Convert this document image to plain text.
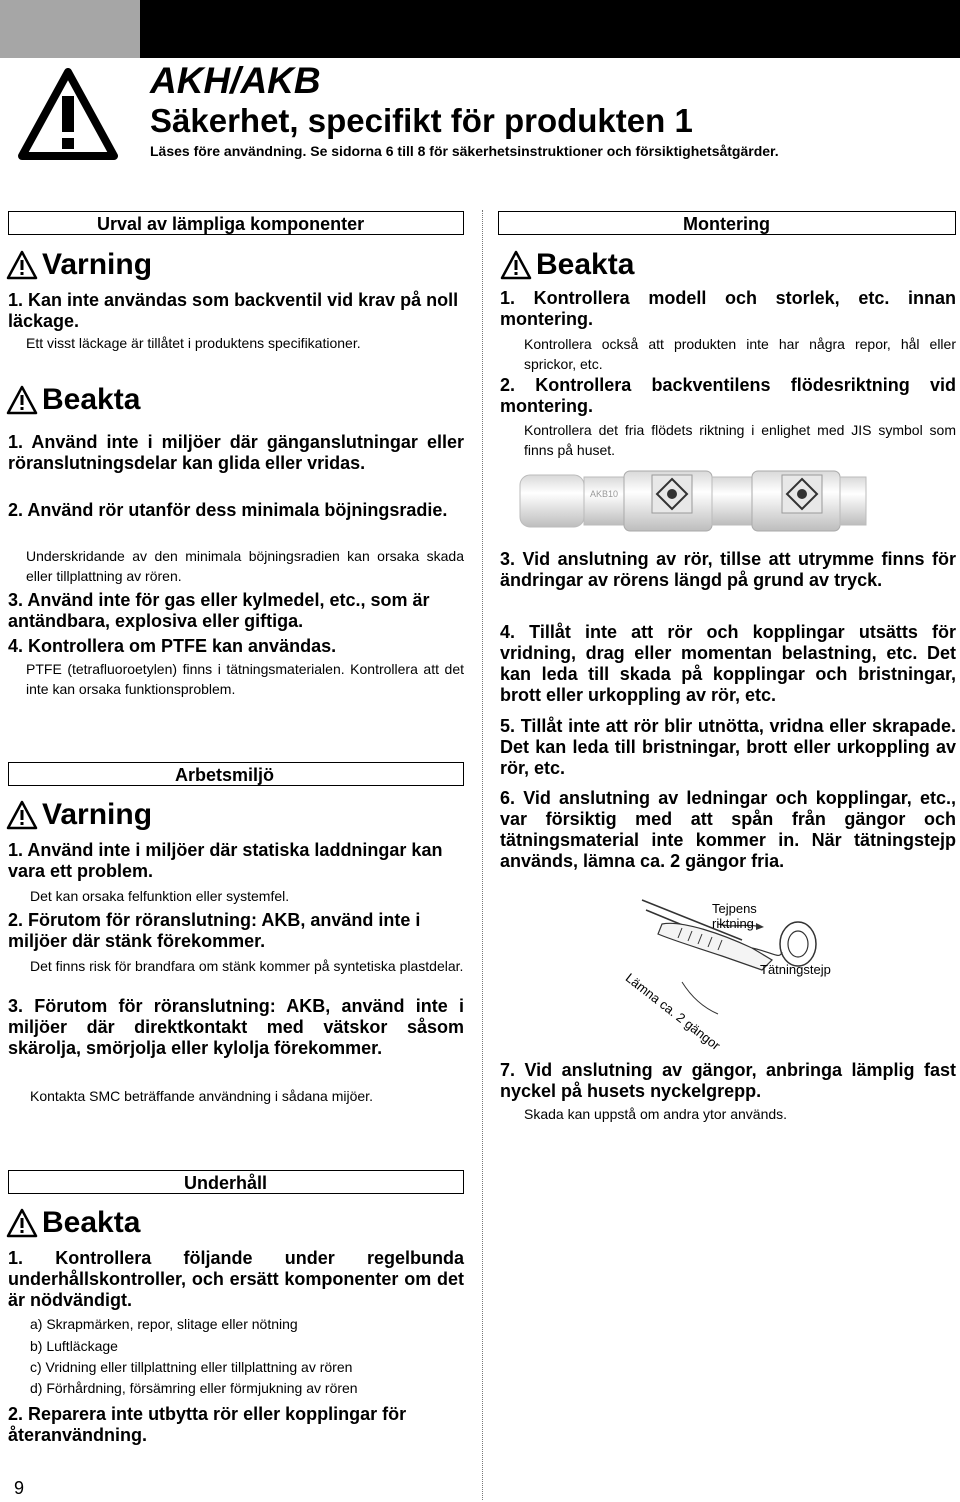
AKH/AKB
Säkerhet, specifikt för produkten 1
Läses före användning. Se sidorna 6 till 8 för säkerhetsinstruktioner och försiktighetsåtgärder.
Urval av lämpliga komponenter
Varning
1. Kan inte användas som backventil vid krav på noll läckage.
Ett visst läckage är tillåtet i produktens specifikationer.
Beakta
1. Använd inte i miljöer där gänganslutningar eller röranslutningsdelar kan glida eller vridas.
2. Använd rör utanför dess minimala böjningsradie.
Underskridande av den minimala böjningsradien kan orsaka skada eller tillplattning av rören.
3. Använd inte för gas eller kylmedel, etc., som är antändbara, explosiva eller giftiga.
4. Kontrollera om PTFE kan användas.
PTFE (tetrafluoroetylen) finns i tätningsmaterialen. Kontrollera att det inte kan orsaka funktionsproblem.
Arbetsmiljö
Varning
1. Använd inte i miljöer där statiska laddningar kan vara ett problem.
Det kan orsaka felfunktion eller systemfel.
2. Förutom för röranslutning: AKB, använd inte i miljöer där stänk förekommer.
Det finns risk för brandfara om stänk kommer på syntetiska plastdelar.
3. Förutom för röranslutning: AKB, använd inte i miljöer där direktkontakt med vätskor såsom skärolja, smörjolja eller kylolja förekommer.
Kontakta SMC beträffande användning i sådana mijöer.
Underhåll
Beakta
1. Kontrollera följande under regelbunda underhållskontroller, och ersätt komponenter om det är nödvändigt.
a) Skrapmärken, repor, slitage eller nötning
b) Luftläckage
c) Vridning eller tillplattning eller tillplattning av rören
d) Förhårdning, försämring eller förmjukning av rören
2. Reparera inte utbytta rör eller kopplingar för återanvändning.
Montering
Beakta
1. Kontrollera modell och storlek, etc. innan montering.
Kontrollera också att produkten inte har några repor, hål eller sprickor, etc.
2. Kontrollera backventilens flödesriktning vid montering.
Kontrollera det fria flödets riktning i enlighet med JIS symbol som finns på huset.
AKB10
3. Vid anslutning av rör, tillse att utrymme finns för ändringar av rörens längd på grund av tryck.
4. Tillåt inte att rör och kopplingar utsätts för vridning, drag eller momentan belastning, etc. Det kan leda till skada på kopplingar och bristningar, brott eller urkoppling av rör, etc.
5. Tillåt inte att rör blir utnötta, vridna eller skrapade. Det kan leda till bristningar, brott eller urkoppling av rör, etc.
6. Vid anslutning av ledningar och kopplingar, etc., var försiktig med att spån från gängor och tätningsmaterial inte kommer in. När tätningstejp används, lämna ca. 2 gängor fria.
Tejpens riktning
Tätningstejp
Lämna ca. 2 gängor
7. Vid anslutning av gängor, anbringa lämplig fast nyckel på husets nyckelgrepp.
Skada kan uppstå om andra ytor används.
9
